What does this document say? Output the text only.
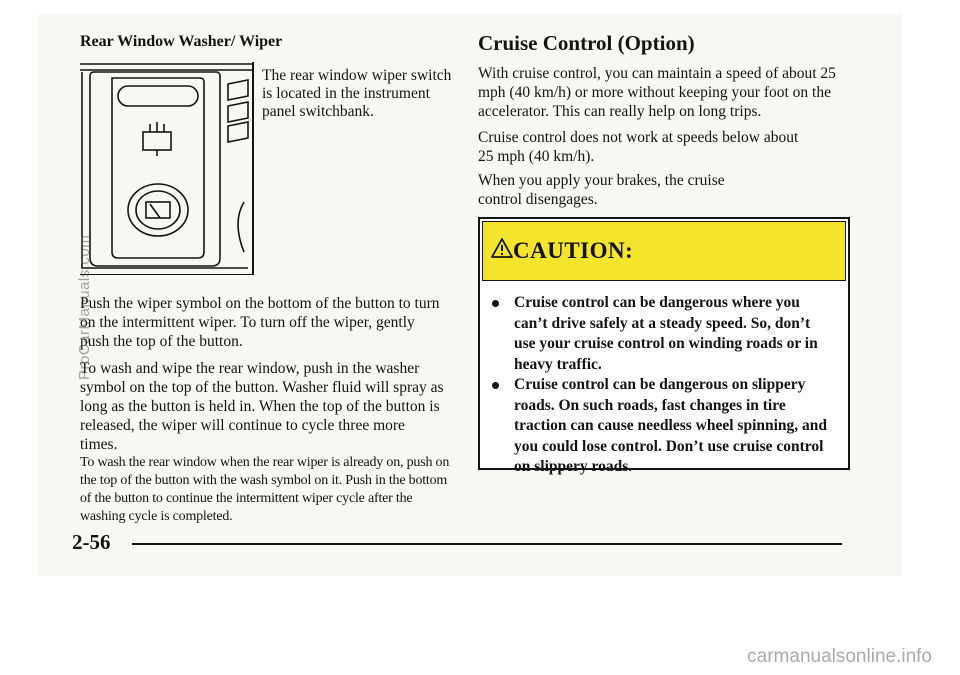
Rear Window Washer/ Wiper

The rear window wiper switch is located in the instrument panel switchbank.

Push the wiper symbol on the bottom of the button to turn on the intermittent wiper. To turn off the wiper, gently push the top of the button.

To wash and wipe the rear window, push in the washer symbol on the top of the button. Washer fluid will spray as long as the button is held in. When the top of the button is released, the wiper will continue to cycle three more times.

To wash the rear window when the rear wiper is already on, push on the top of the button with the wash symbol on it. Push in the bottom of the button to continue the intermittent wiper cycle after the washing cycle is completed.

Cruise Control (Option)

With cruise control, you can maintain a speed of about 25 mph (40 km/h) or more without keeping your foot on the accelerator. This can really help on long trips.

Cruise control does not work at speeds below about 25 mph (40 km/h).

When you apply your brakes, the cruise control disengages.

CAUTION:
Cruise control can be dangerous where you can’t drive safely at a steady speed. So, don’t use your cruise control on winding roads or in heavy traffic.
Cruise control can be dangerous on slippery roads. On such roads, fast changes in tire traction can cause needless wheel spinning, and you could lose control. Don’t use cruise control on slippery roads.

2-56

ProCarManuals.com
carmanualsonline.info
